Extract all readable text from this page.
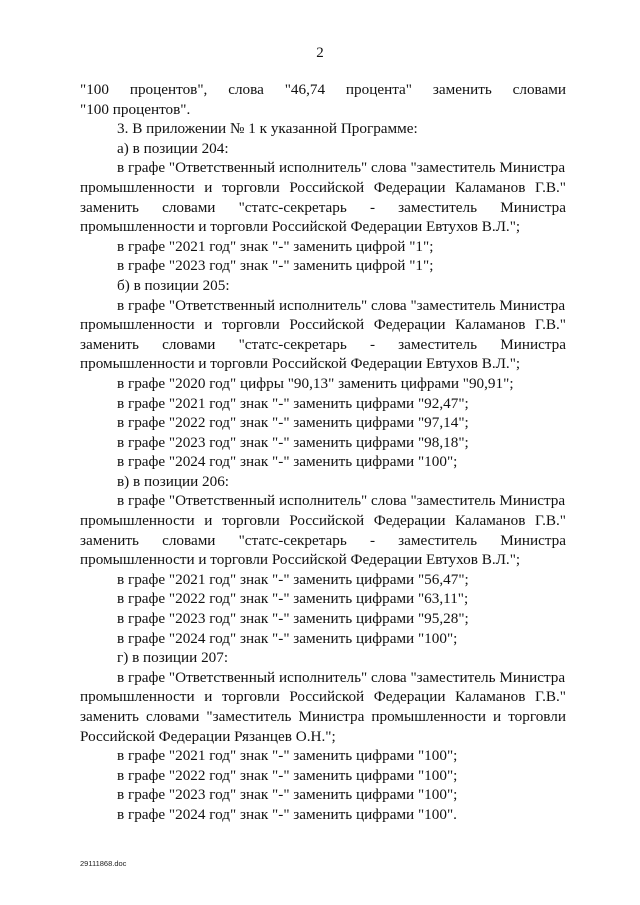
2
"100 процентов", слова "46,74 процента" заменить словами
"100 процентов".
3. В приложении № 1 к указанной Программе:
а) в позиции 204:
в графе "Ответственный исполнитель" слова "заместитель Министра
промышленности и торговли Российской Федерации Каламанов Г.В."
заменить словами "статс-секретарь - заместитель Министра
промышленности и торговли Российской Федерации Евтухов В.Л.";
в графе "2021 год" знак "-" заменить цифрой "1";
в графе "2023 год" знак "-" заменить цифрой "1";
б) в позиции 205:
в графе "Ответственный исполнитель" слова "заместитель Министра
промышленности и торговли Российской Федерации Каламанов Г.В."
заменить словами "статс-секретарь - заместитель Министра
промышленности и торговли Российской Федерации Евтухов В.Л.";
в графе "2020 год" цифры "90,13" заменить цифрами "90,91";
в графе "2021 год" знак "-" заменить цифрами "92,47";
в графе "2022 год" знак "-" заменить цифрами "97,14";
в графе "2023 год" знак "-" заменить цифрами "98,18";
в графе "2024 год" знак "-" заменить цифрами "100";
в) в позиции 206:
в графе "Ответственный исполнитель" слова "заместитель Министра
промышленности и торговли Российской Федерации Каламанов Г.В."
заменить словами "статс-секретарь - заместитель Министра
промышленности и торговли Российской Федерации Евтухов В.Л.";
в графе "2021 год" знак "-" заменить цифрами "56,47";
в графе "2022 год" знак "-" заменить цифрами "63,11";
в графе "2023 год" знак "-" заменить цифрами "95,28";
в графе "2024 год" знак "-" заменить цифрами "100";
г) в позиции 207:
в графе "Ответственный исполнитель" слова "заместитель Министра
промышленности и торговли Российской Федерации Каламанов Г.В."
заменить словами "заместитель Министра промышленности и торговли
Российской Федерации Рязанцев О.Н.";
в графе "2021 год" знак "-" заменить цифрами "100";
в графе "2022 год" знак "-" заменить цифрами "100";
в графе "2023 год" знак "-" заменить цифрами "100";
в графе "2024 год" знак "-" заменить цифрами "100".
29111868.doc
